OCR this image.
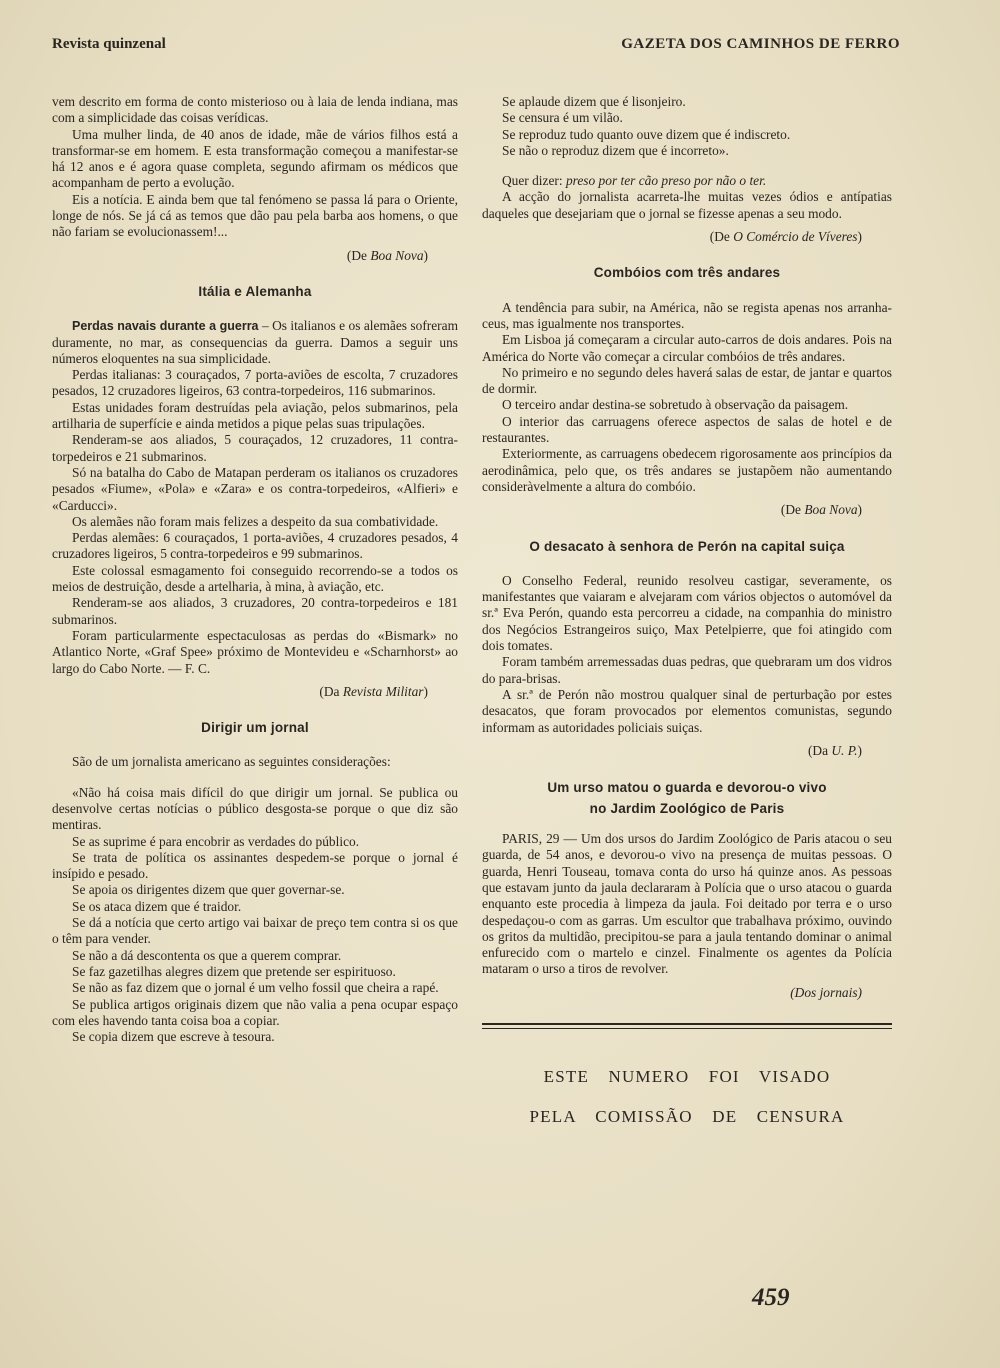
Revista quinzenal	GAZETA DOS CAMINHOS DE FERRO

vem descrito em forma de conto misterioso ou à laia de lenda indiana, mas com a simplicidade das coisas verídicas.

Uma mulher linda, de 40 anos de idade, mãe de vários filhos está a transformar-se em homem. E esta transformação começou a manifestar-se há 12 anos e é agora quase completa, segundo afirmam os médicos que acompanham de perto a evolução.

Eis a notícia. E ainda bem que tal fenómeno se passa lá para o Oriente, longe de nós. Se já cá as temos que dão pau pela barba aos homens, o que não fariam se evolucionassem!...

(De Boa Nova)

Itália e Alemanha

Perdas navais durante a guerra – Os italianos e os alemães sofreram duramente, no mar, as consequencias da guerra. Damos a seguir uns números eloquentes na sua simplicidade.

Perdas italianas: 3 couraçados, 7 porta-aviões de escolta, 7 cruzadores pesados, 12 cruzadores ligeiros, 63 contra-torpedeiros, 116 submarinos.

Estas unidades foram destruídas pela aviação, pelos submarinos, pela artilharia de superfície e ainda metidos a pique pelas suas tripulações.

Renderam-se aos aliados, 5 couraçados, 12 cruzadores, 11 contra-torpedeiros e 21 submarinos.

Só na batalha do Cabo de Matapan perderam os italianos os cruzadores pesados «Fiume», «Pola» e «Zara» e os contra-torpedeiros, «Alfieri» e «Carducci».

Os alemães não foram mais felizes a despeito da sua combatividade.

Perdas alemães: 6 couraçados, 1 porta-aviões, 4 cruzadores pesados, 4 cruzadores ligeiros, 5 contra-torpedeiros e 99 submarinos.

Este colossal esmagamento foi conseguido recorrendo-se a todos os meios de destruição, desde a artelharia, à mina, à aviação, etc.

Renderam-se aos aliados, 3 cruzadores, 20 contra-torpedeiros e 181 submarinos.

Foram particularmente espectaculosas as perdas do «Bismark» no Atlantico Norte, «Graf Spee» próximo de Montevideu e «Scharnhorst» ao largo do Cabo Norte. — F. C.

(Da Revista Militar)

Dirigir um jornal

São de um jornalista americano as seguintes considerações:

«Não há coisa mais difícil do que dirigir um jornal. Se publica ou desenvolve certas notícias o público desgosta-se porque o que diz são mentiras.

Se as suprime é para encobrir as verdades do público.

Se trata de política os assinantes despedem-se porque o jornal é insípido e pesado.

Se apoia os dirigentes dizem que quer governar-se.

Se os ataca dizem que é traidor.

Se dá a notícia que certo artigo vai baixar de preço tem contra si os que o têm para vender.

Se não a dá descontenta os que a querem comprar.

Se faz gazetilhas alegres dizem que pretende ser espirituoso.

Se não as faz dizem que o jornal é um velho fossil que cheira a rapé.

Se publica artigos originais dizem que não valia a pena ocupar espaço com eles havendo tanta coisa boa a copiar.

Se copia dizem que escreve à tesoura.

Se aplaude dizem que é lisonjeiro.

Se censura é um vilão.

Se reproduz tudo quanto ouve dizem que é indiscreto.

Se não o reproduz dizem que é incorreto».

Quer dizer: preso por ter cão preso por não o ter.

A acção do jornalista acarreta-lhe muitas vezes ódios e antípatias daqueles que desejariam que o jornal se fizesse apenas a seu modo.

(De O Comércio de Víveres)

Combóios com três andares

A tendência para subir, na América, não se regista apenas nos arranha-ceus, mas igualmente nos transportes.

Em Lisboa já começaram a circular auto-carros de dois andares. Pois na América do Norte vão começar a circular combóios de três andares.

No primeiro e no segundo deles haverá salas de estar, de jantar e quartos de dormir.

O terceiro andar destina-se sobretudo à observação da paisagem.

O interior das carruagens oferece aspectos de salas de hotel e de restaurantes.

Exteriormente, as carruagens obedecem rigorosamente aos princípios da aerodinâmica, pelo que, os três andares se justapõem não aumentando consideràvelmente a altura do combóio.

(De Boa Nova)

O desacato à senhora de Perón na capital suiça

O Conselho Federal, reunido resolveu castigar, severamente, os manifestantes que vaiaram e alvejaram com vários objectos o automóvel da sr.ª Eva Perón, quando esta percorreu a cidade, na companhia do ministro dos Negócios Estrangeiros suiço, Max Petelpierre, que foi atingido com dois tomates.

Foram também arremessadas duas pedras, que quebraram um dos vidros do para-brisas.

A sr.ª de Perón não mostrou qualquer sinal de perturbação por estes desacatos, que foram provocados por elementos comunistas, segundo informam as autoridades policiais suiças.

(Da U. P.)

Um urso matou o guarda e devorou-o vivo
no Jardim Zoológico de Paris

PARIS, 29 — Um dos ursos do Jardim Zoológico de Paris atacou o seu guarda, de 54 anos, e devorou-o vivo na presença de muitas pessoas. O guarda, Henri Touseau, tomava conta do urso há quinze anos. As pessoas que estavam junto da jaula declararam à Polícia que o urso atacou o guarda enquanto este procedia à limpeza da jaula. Foi deitado por terra e o urso despedaçou-o com as garras. Um escultor que trabalhava próximo, ouvindo os gritos da multidão, precipitou-se para a jaula tentando dominar o animal enfurecido com o martelo e cinzel. Finalmente os agentes da Polícia mataram o urso a tiros de revolver.

(Dos jornais)

ESTE NUMERO FOI VISADO
PELA COMISSÃO DE CENSURA
459
